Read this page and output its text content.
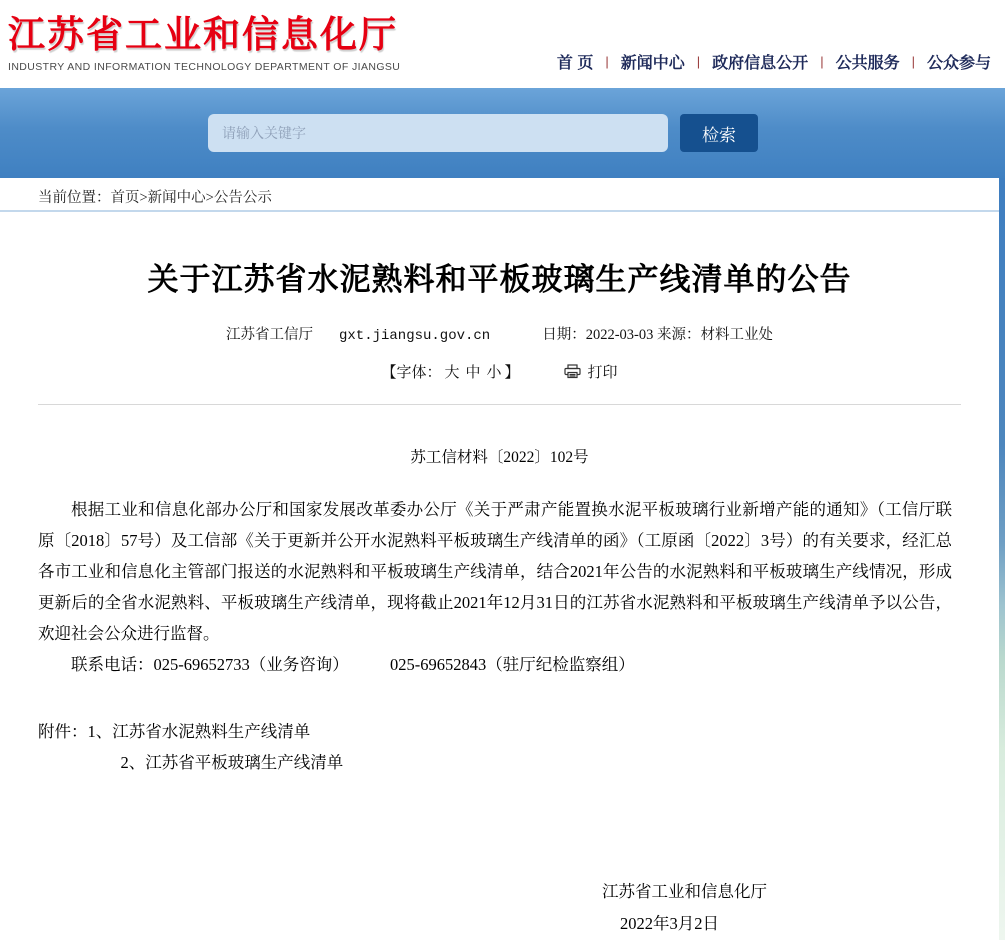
江苏省工业和信息化厅
INDUSTRY AND INFORMATION TECHNOLOGY DEPARTMENT OF JIANGSU	首 页 | 新闻中心 | 政府信息公开 | 公共服务 | 公众参与
请输入关键字
检索
当前位置：首页>新闻中心>公告公示
关于江苏省水泥熟料和平板玻璃生产线清单的公告
江苏省工信厅 gxt.jiangsu.gov.cn	日期：2022-03-03 来源：材料工业处
【字体： 大 中 小 】	打印
苏工信材料〔2022〕102号

根据工业和信息化部办公厅和国家发展改革委办公厅《关于严肃产能置换水泥平板玻璃行业新增产能的通知》（工信厅联原〔2018〕57号）及工信部《关于更新并公开水泥熟料平板玻璃生产线清单的函》（工原函〔2022〕3号）的有关要求，经汇总各市工业和信息化主管部门报送的水泥熟料和平板玻璃生产线清单，结合2021年公告的水泥熟料和平板玻璃生产线情况，形成更新后的全省水泥熟料、平板玻璃生产线清单，现将截止2021年12月31日的江苏省水泥熟料和平板玻璃生产线清单予以公告，欢迎社会公众进行监督。

联系电话：025-69652733（业务咨询）　　　025-69652843（驻厅纪检监察组）

附件：1、江苏省水泥熟料生产线清单

2、江苏省平板玻璃生产线清单

江苏省工业和信息化厅
2022年3月2日
